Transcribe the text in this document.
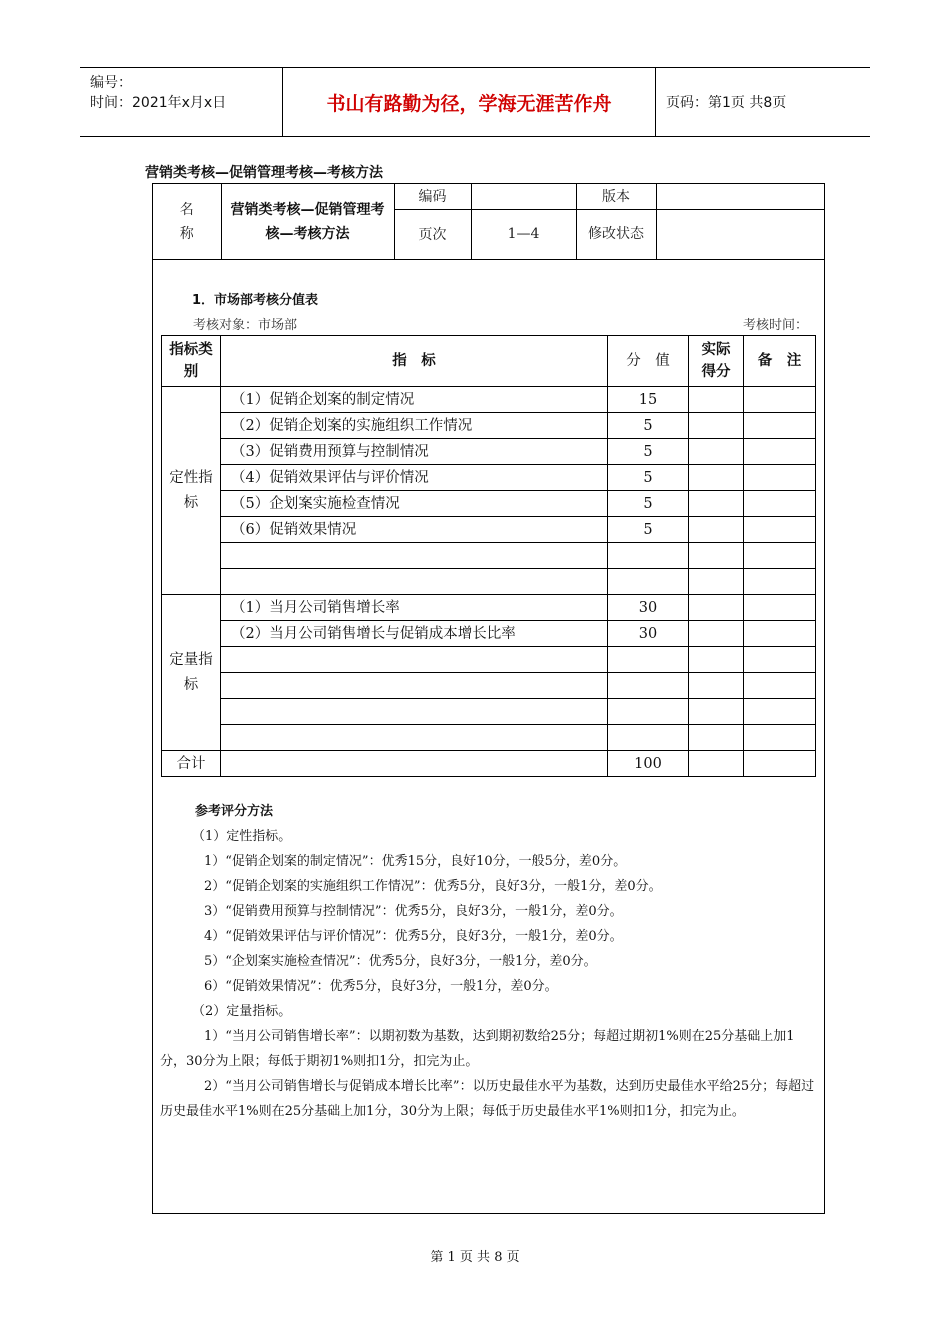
编号：
时间：2021年x月x日	书山有路勤为径，学海无涯苦作舟	页码：第1页 共8页
营销类考核—促销管理考核—考核方法
名
称	营销类考核—促销管理考核—考核方法	编码		版本	
		页次	1—4	修改状态	
1．市场部考核分值表
考核对象：市场部	考核时间：
指标类别	指　标	分　值	实际得分	备　注
定性指标	（1）促销企划案的制定情况	15		
	（2）促销企划案的实施组织工作情况	5		
	（3）促销费用预算与控制情况	5		
	（4）促销效果评估与评价情况	5		
	（5）企划案实施检查情况	5		
	（6）促销效果情况	5		

定量指标	（1）当月公司销售增长率	30		
	（2）当月公司销售增长与促销成本增长比率	30		

合计		100		

参考评分方法

（1）定性指标。

1）“促销企划案的制定情况”：优秀15分，良好10分，一般5分，差0分。

2）“促销企划案的实施组织工作情况”：优秀5分，良好3分，一般1分，差0分。

3）“促销费用预算与控制情况”：优秀5分，良好3分，一般1分，差0分。

4）“促销效果评估与评价情况”：优秀5分，良好3分，一般1分，差0分。

5）“企划案实施检查情况”：优秀5分，良好3分，一般1分，差0分。

6）“促销效果情况”：优秀5分，良好3分，一般1分，差0分。

（2）定量指标。

1）“当月公司销售增长率”：以期初数为基数，达到期初数给25分；每超过期初1%则在25分基础上加1分，30分为上限；每低于期初1%则扣1分，扣完为止。

2）“当月公司销售增长与促销成本增长比率”：以历史最佳水平为基数，达到历史最佳水平给25分；每超过历史最佳水平1%则在25分基础上加1分，30分为上限；每低于历史最佳水平1%则扣1分，扣完为止。

第 1 页 共 8 页
